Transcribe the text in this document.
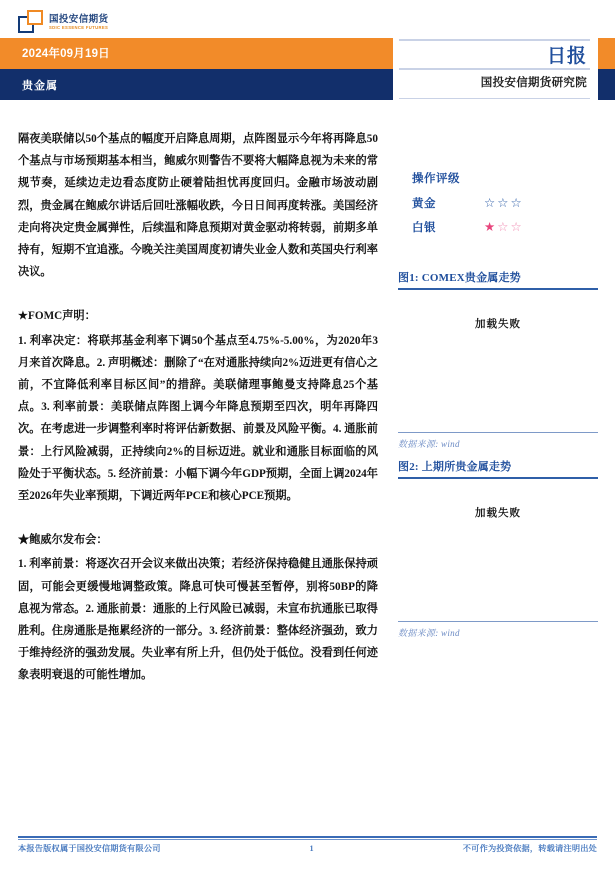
国投安信期货
SDIC ESSENCE FUTURES
2024年09月19日
贵金属
日报
国投安信期货研究院

隔夜美联储以50个基点的幅度开启降息周期，点阵图显示今年将再降息50个基点与市场预期基本相当，鲍威尔则警告不要将大幅降息视为未来的常规节奏，延续边走边看态度防止硬着陆担忧再度回归。金融市场波动剧烈，贵金属在鲍威尔讲话后回吐涨幅收跌，今日日间再度转涨。美国经济走向将决定贵金属弹性，后续温和降息预期对黄金驱动将转弱，前期多单持有，短期不宜追涨。今晚关注美国周度初请失业金人数和英国央行利率决议。

★FOMC声明：

1. 利率决定：将联邦基金利率下调50个基点至4.75%-5.00%，为2020年3月来首次降息。2. 声明概述：删除了“在对通胀持续向2%迈进更有信心之前，不宜降低利率目标区间”的措辞。美联储理事鲍曼支持降息25个基点。3. 利率前景：美联储点阵图上调今年降息预期至四次，明年再降四次。在考虑进一步调整利率时将评估新数据、前景及风险平衡。4. 通胀前景：上行风险减弱，正持续向2%的目标迈进。就业和通胀目标面临的风险处于平衡状态。5. 经济前景：小幅下调今年GDP预期，全面上调2024年至2026年失业率预期，下调近两年PCE和核心PCE预期。

★鲍威尔发布会：

1. 利率前景：将逐次召开会议来做出决策；若经济保持稳健且通胀保持顽固，可能会更缓慢地调整政策。降息可快可慢甚至暂停，别将50BP的降息视为常态。2. 通胀前景：通胀的上行风险已减弱，未宣布抗通胀已取得胜利。住房通胀是拖累经济的一部分。3. 经济前景：整体经济强劲，致力于维持经济的强劲发展。失业率有所上升，但仍处于低位。没看到任何迹象表明衰退的可能性增加。

操作评级
黄金	☆ ☆ ☆
白银	★ ☆ ☆
图1: COMEX贵金属走势
加载失败
数据来源: wind
图2: 上期所贵金属走势
加载失败
数据来源: wind
本报告版权属于国投安信期货有限公司	1	不可作为投资依据，转载请注明出处
